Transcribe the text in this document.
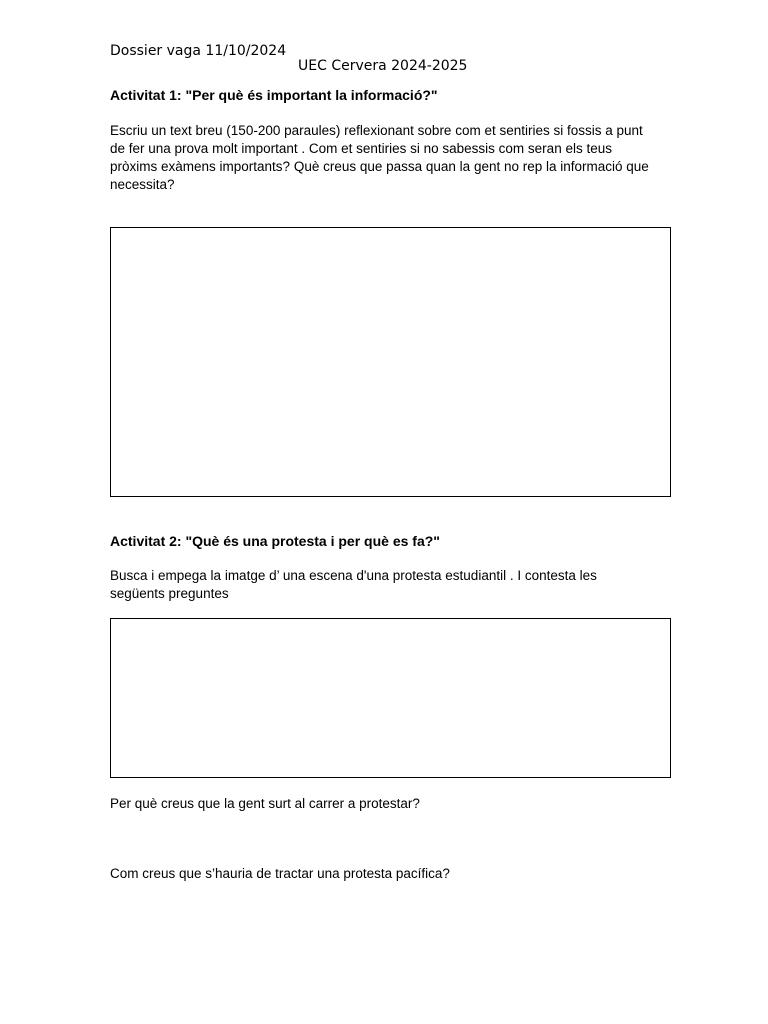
Dossier vaga 11/10/2024
UEC Cervera 2024-2025
Activitat 1: "Per què és important la informació?"

Escriu un text breu (150-200 paraules) reflexionant sobre com et sentiries si fossis a punt de fer una prova molt important . Com et sentiries si no sabessis com seran els teus pròxims exàmens importants? Què creus que passa quan la gent no rep la informació que necessita?

Activitat 2: "Què és una protesta i per què es fa?"

Busca i empega la imatge d’ una escena d'una protesta estudiantil . I contesta les següents preguntes

Per què creus que la gent surt al carrer a protestar?
Com creus que s’hauria de tractar una protesta pacífica?
